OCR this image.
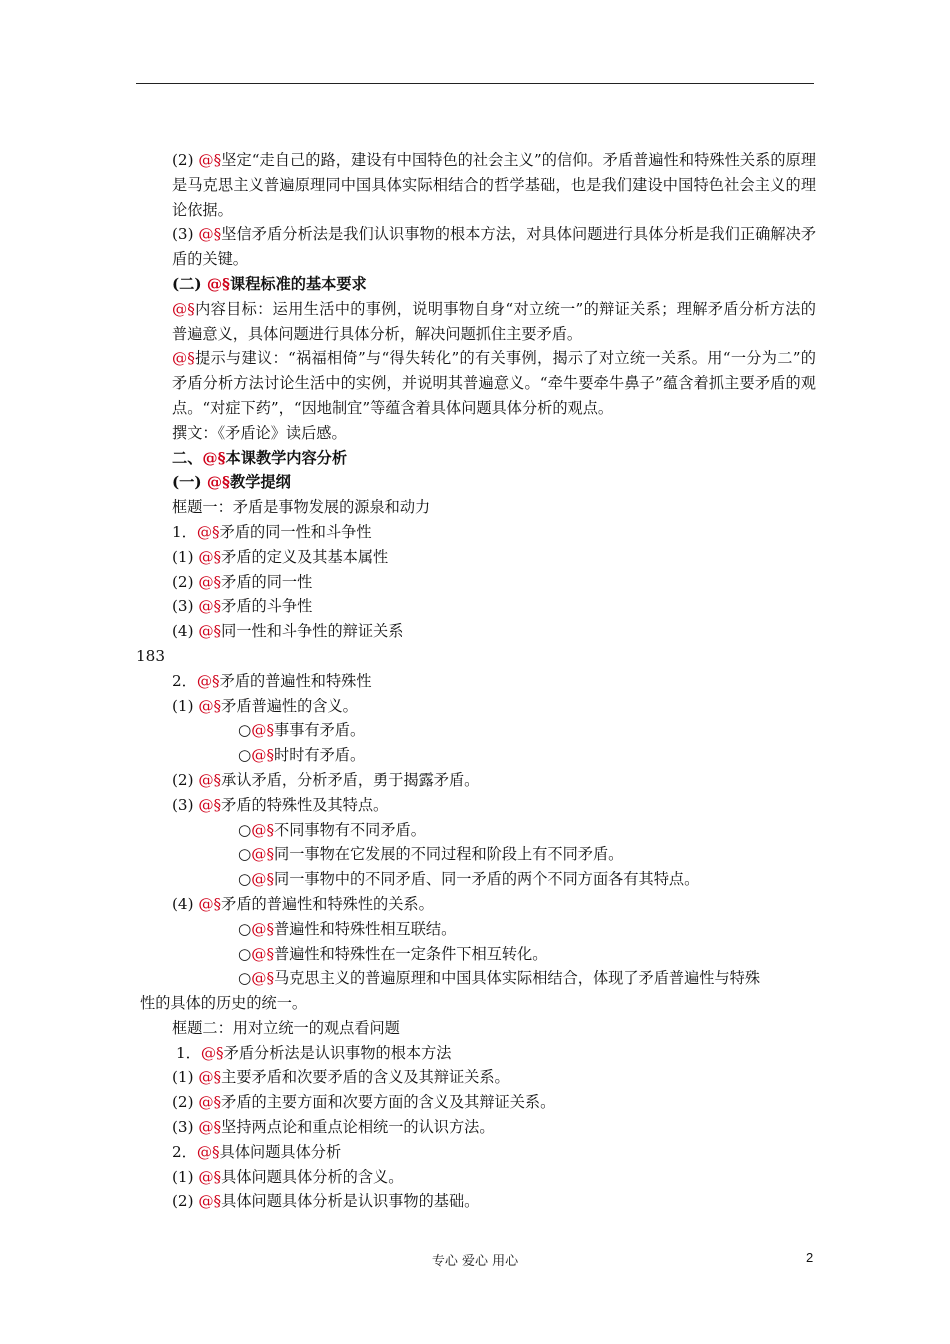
(2) @§坚定“走自己的路，建设有中国特色的社会主义”的信仰。矛盾普遍性和特殊性关系的原理是马克思主义普遍原理同中国具体实际相结合的哲学基础，也是我们建设中国特色社会主义的理论依据。
(3) @§坚信矛盾分析法是我们认识事物的根本方法，对具体问题进行具体分析是我们正确解决矛盾的关键。
(二) @§课程标准的基本要求
@§内容目标：运用生活中的事例，说明事物自身“对立统一”的辩证关系；理解矛盾分析方法的普遍意义，具体问题进行具体分析，解决问题抓住主要矛盾。
@§提示与建议：“祸福相倚”与“得失转化”的有关事例，揭示了对立统一关系。用“一分为二”的矛盾分析方法讨论生活中的实例，并说明其普遍意义。“牵牛要牵牛鼻子”蕴含着抓主要矛盾的观点。“对症下药”，“因地制宜”等蕴含着具体问题具体分析的观点。
撰文：《矛盾论》读后感。
二、@§本课教学内容分析
(一) @§教学提纲
框题一：矛盾是事物发展的源泉和动力
1．@§矛盾的同一性和斗争性
(1) @§矛盾的定义及其基本属性
(2) @§矛盾的同一性
(3) @§矛盾的斗争性
(4) @§同一性和斗争性的辩证关系
183
2．@§矛盾的普遍性和特殊性
(1) @§矛盾普遍性的含义。
○@§事事有矛盾。
○@§时时有矛盾。
(2) @§承认矛盾，分析矛盾，勇于揭露矛盾。
(3) @§矛盾的特殊性及其特点。
○@§不同事物有不同矛盾。
○@§同一事物在它发展的不同过程和阶段上有不同矛盾。
○@§同一事物中的不同矛盾、同一矛盾的两个不同方面各有其特点。
(4) @§矛盾的普遍性和特殊性的关系。
○@§普遍性和特殊性相互联结。
○@§普遍性和特殊性在一定条件下相互转化。
○@§马克思主义的普遍原理和中国具体实际相结合，体现了矛盾普遍性与特殊
性的具体的历史的统一。
框题二：用对立统一的观点看问题
1．@§矛盾分析法是认识事物的根本方法
(1) @§主要矛盾和次要矛盾的含义及其辩证关系。
(2) @§矛盾的主要方面和次要方面的含义及其辩证关系。
(3) @§坚持两点论和重点论相统一的认识方法。
2．@§具体问题具体分析
(1) @§具体问题具体分析的含义。
(2) @§具体问题具体分析是认识事物的基础。
专心 爱心 用心	2
